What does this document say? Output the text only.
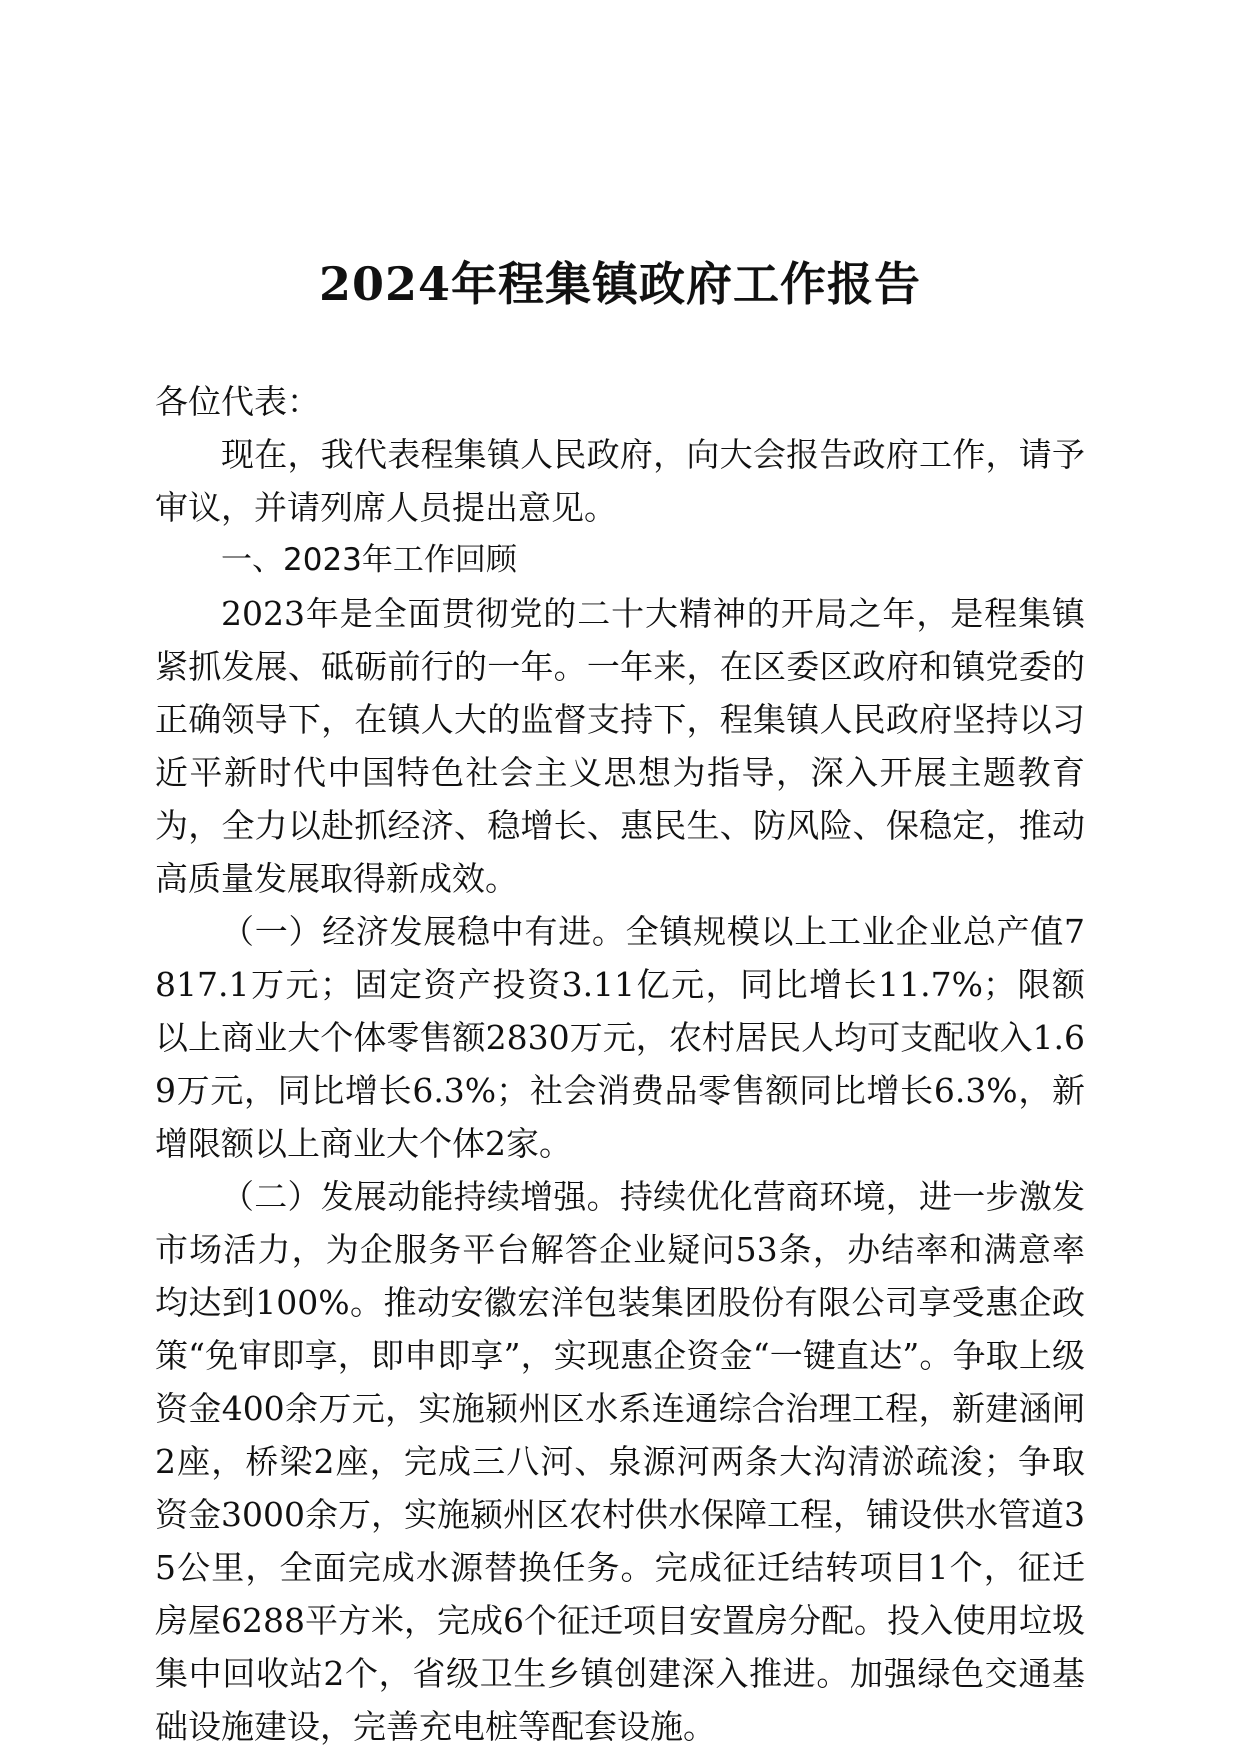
2024年程集镇政府工作报告

各位代表：

现在，我代表程集镇人民政府，向大会报告政府工作，请予审议，并请列席人员提出意见。

一、2023年工作回顾

2023年是全面贯彻党的二十大精神的开局之年，是程集镇紧抓发展、砥砺前行的一年。一年来，在区委区政府和镇党委的正确领导下，在镇人大的监督支持下，程集镇人民政府坚持以习近平新时代中国特色社会主义思想为指导，深入开展主题教育为，全力以赴抓经济、稳增长、惠民生、防风险、保稳定，推动高质量发展取得新成效。

（一）经济发展稳中有进。全镇规模以上工业企业总产值7817.1万元；固定资产投资3.11亿元，同比增长11.7%；限额以上商业大个体零售额2830万元，农村居民人均可支配收入1.69万元，同比增长6.3%；社会消费品零售额同比增长6.3%，新增限额以上商业大个体2家。

（二）发展动能持续增强。持续优化营商环境，进一步激发市场活力，为企服务平台解答企业疑问53条，办结率和满意率均达到100%。推动安徽宏洋包装集团股份有限公司享受惠企政策“免审即享，即申即享”，实现惠企资金“一键直达”。争取上级资金400余万元，实施颍州区水系连通综合治理工程，新建涵闸2座，桥梁2座，完成三八河、泉源河两条大沟清淤疏浚；争取资金3000余万，实施颍州区农村供水保障工程，铺设供水管道35公里，全面完成水源替换任务。完成征迁结转项目1个，征迁房屋6288平方米，完成6个征迁项目安置房分配。投入使用垃圾集中回收站2个，省级卫生乡镇创建深入推进。加强绿色交通基础设施建设，完善充电桩等配套设施。
